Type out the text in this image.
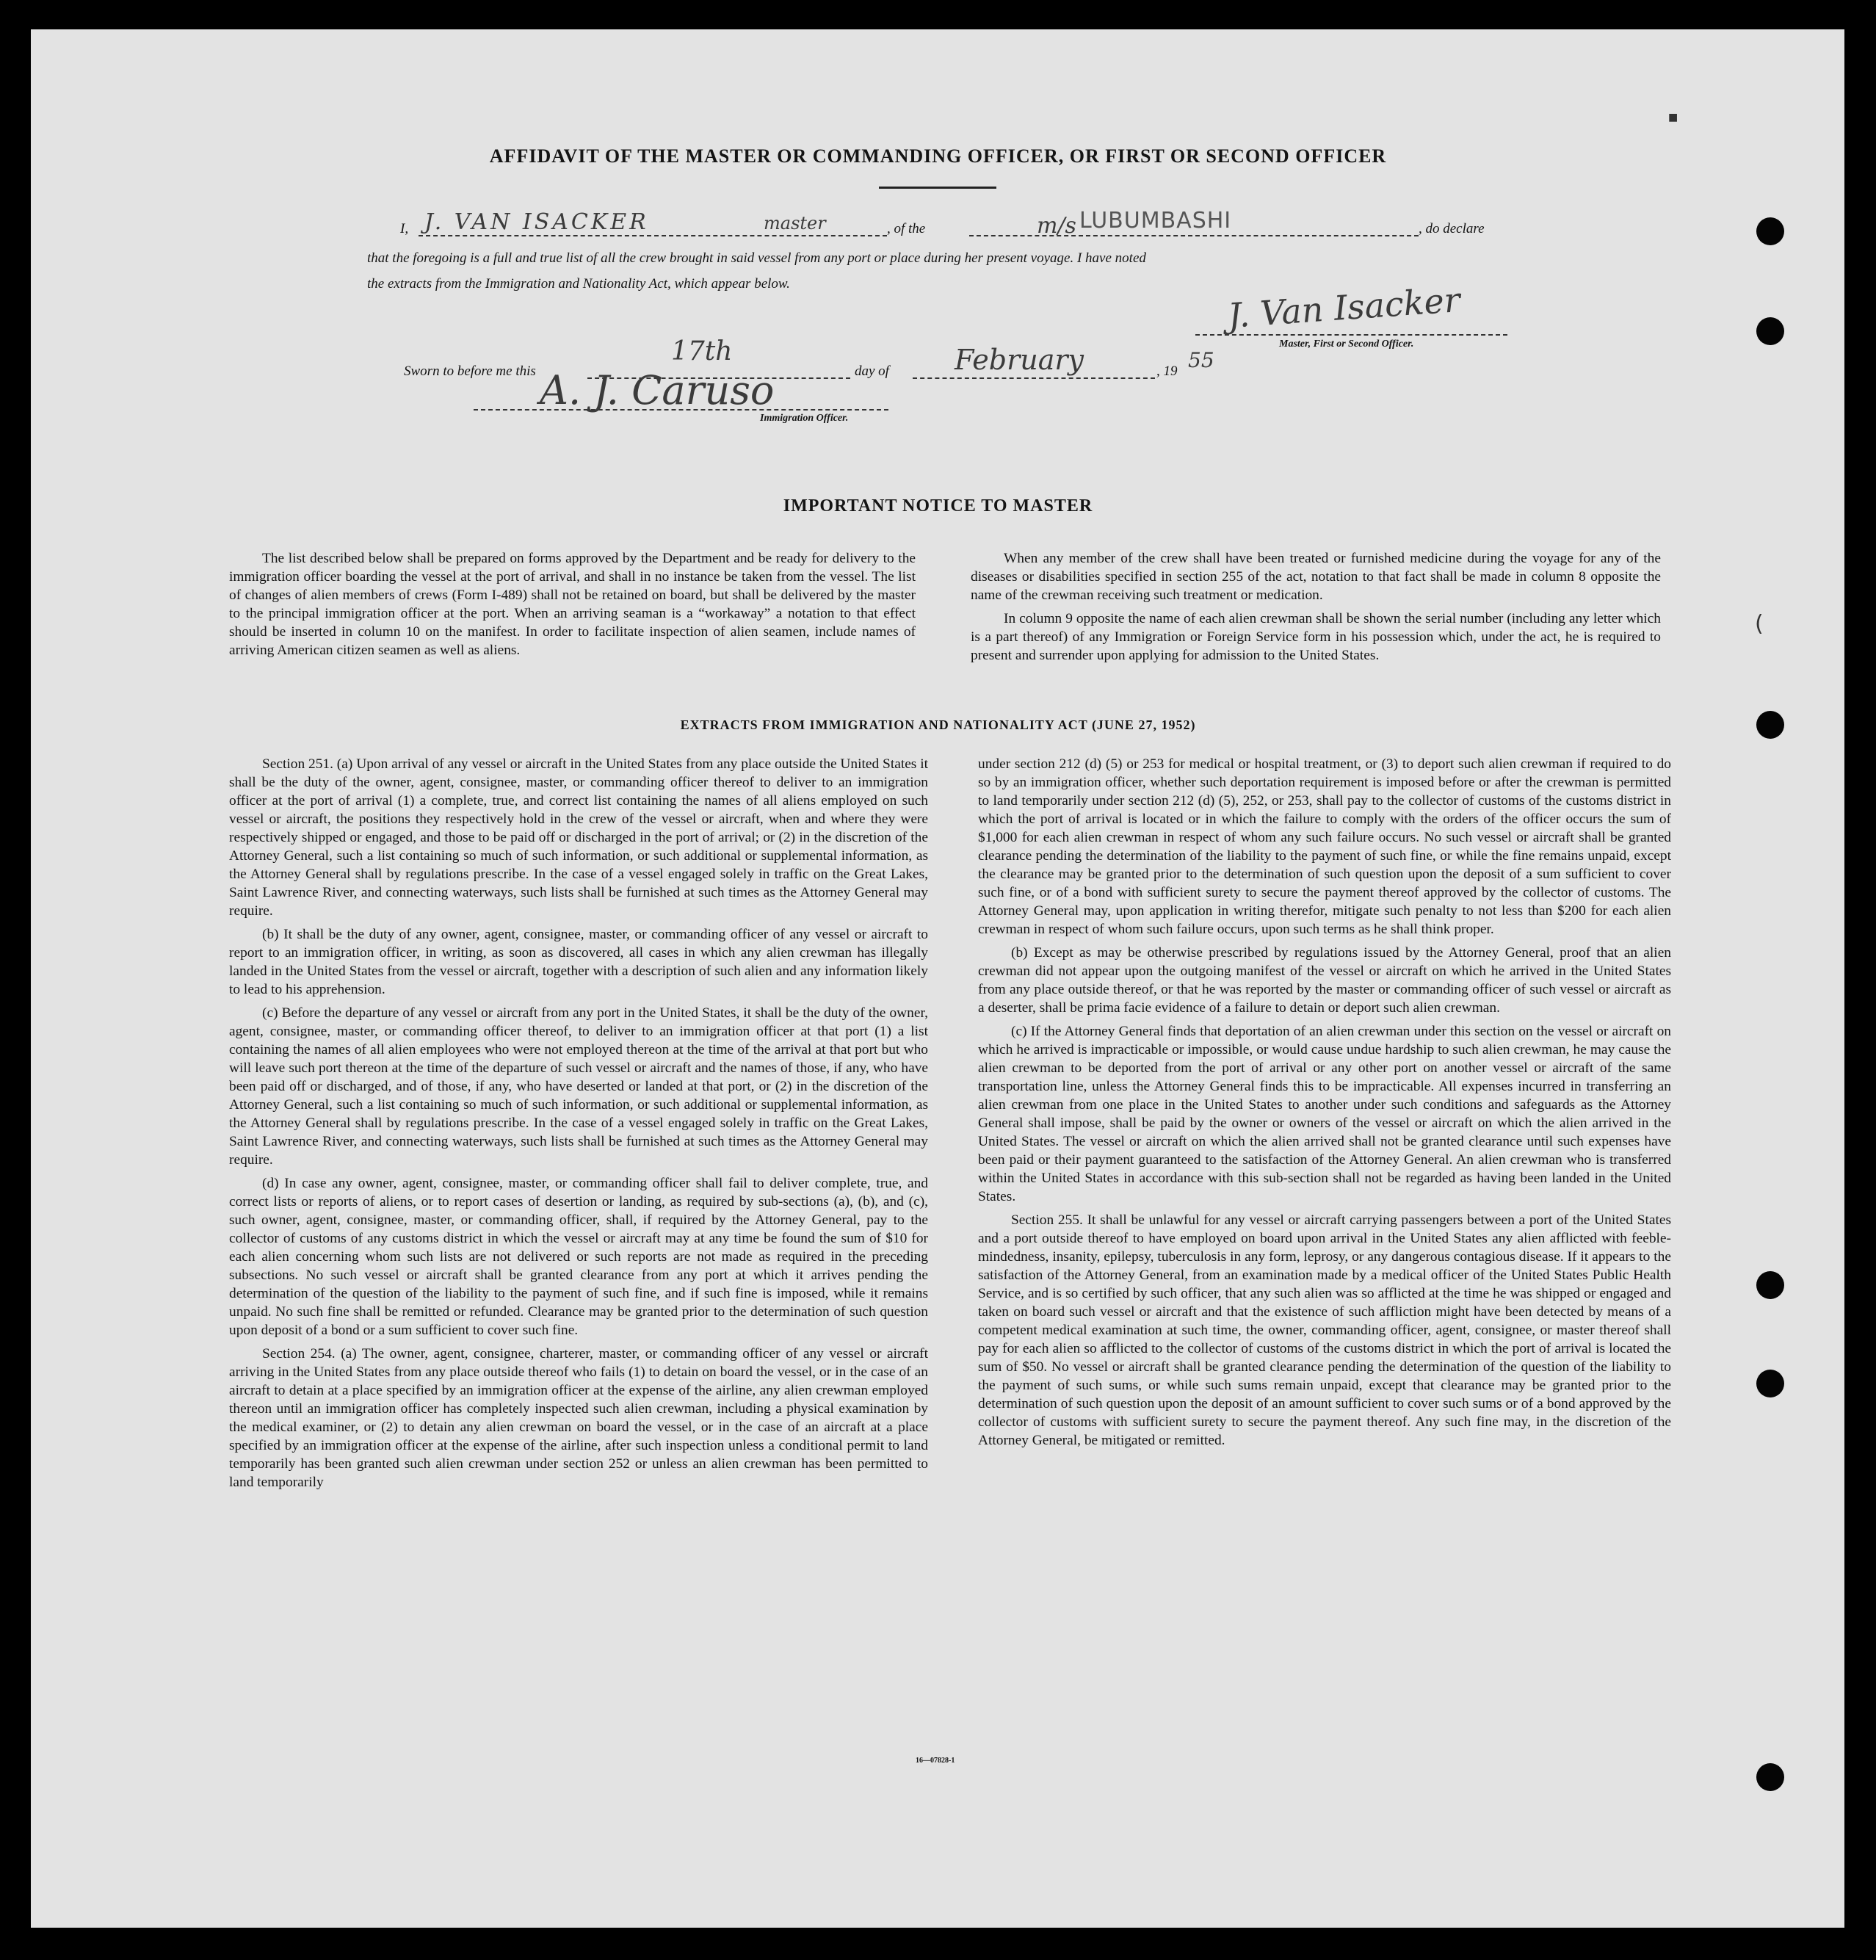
(
■
AFFIDAVIT OF THE MASTER OR COMMANDING OFFICER, OR FIRST OR SECOND OFFICER
I,	, of the	, do declare
J. VAN ISACKER	master	m/s LUBUMBASHI
that the foregoing is a full and true list of all the crew brought in said vessel from any port or place during her present voyage. I have noted
the extracts from the Immigration and Nationality Act, which appear below.	J. Van Isacker
Master, First or Second Officer.
Sworn to before me this	day of	, 19
17th	February	55
A. J. Caruso
Immigration Officer.
IMPORTANT NOTICE TO MASTER

The list described below shall be prepared on forms approved by the Department and be ready for delivery to the immigration officer boarding the vessel at the port of arrival, and shall in no instance be taken from the vessel. The list of changes of alien members of crews (Form I-489) shall not be retained on board, but shall be delivered by the master to the principal immigration officer at the port. When an arriving seaman is a “workaway” a notation to that effect should be inserted in column 10 on the manifest. In order to facilitate inspection of alien seamen, include names of arriving American citizen seamen as well as aliens.

When any member of the crew shall have been treated or furnished medicine during the voyage for any of the diseases or disabilities specified in section 255 of the act, notation to that fact shall be made in column 8 opposite the name of the crewman receiving such treatment or medication.

In column 9 opposite the name of each alien crewman shall be shown the serial number (including any letter which is a part thereof) of any Immigration or Foreign Service form in his possession which, under the act, he is required to present and surrender upon applying for admission to the United States.

EXTRACTS FROM IMMIGRATION AND NATIONALITY ACT (JUNE 27, 1952)

Section 251. (a) Upon arrival of any vessel or aircraft in the United States from any place outside the United States it shall be the duty of the owner, agent, consignee, master, or commanding officer thereof to deliver to an immigration officer at the port of arrival (1) a complete, true, and correct list containing the names of all aliens employed on such vessel or aircraft, the positions they respectively hold in the crew of the vessel or aircraft, when and where they were respectively shipped or engaged, and those to be paid off or discharged in the port of arrival; or (2) in the discretion of the Attorney General, such a list containing so much of such information, or such additional or supplemental information, as the Attorney General shall by regulations prescribe. In the case of a vessel engaged solely in traffic on the Great Lakes, Saint Lawrence River, and connecting waterways, such lists shall be furnished at such times as the Attorney General may require.

(b) It shall be the duty of any owner, agent, consignee, master, or commanding officer of any vessel or aircraft to report to an immigration officer, in writing, as soon as discovered, all cases in which any alien crewman has illegally landed in the United States from the vessel or aircraft, together with a description of such alien and any information likely to lead to his apprehension.

(c) Before the departure of any vessel or aircraft from any port in the United States, it shall be the duty of the owner, agent, consignee, master, or commanding officer thereof, to deliver to an immigration officer at that port (1) a list containing the names of all alien employees who were not employed thereon at the time of the arrival at that port but who will leave such port thereon at the time of the departure of such vessel or aircraft and the names of those, if any, who have been paid off or discharged, and of those, if any, who have deserted or landed at that port, or (2) in the discretion of the Attorney General, such a list containing so much of such information, or such additional or supplemental information, as the Attorney General shall by regulations prescribe. In the case of a vessel engaged solely in traffic on the Great Lakes, Saint Lawrence River, and connecting waterways, such lists shall be furnished at such times as the Attorney General may require.

(d) In case any owner, agent, consignee, master, or commanding officer shall fail to deliver complete, true, and correct lists or reports of aliens, or to report cases of desertion or landing, as required by sub-sections (a), (b), and (c), such owner, agent, consignee, master, or commanding officer, shall, if required by the Attorney General, pay to the collector of customs of any customs district in which the vessel or aircraft may at any time be found the sum of $10 for each alien concerning whom such lists are not delivered or such reports are not made as required in the preceding subsections. No such vessel or aircraft shall be granted clearance from any port at which it arrives pending the determination of the question of the liability to the payment of such fine, and if such fine is imposed, while it remains unpaid. No such fine shall be remitted or refunded. Clearance may be granted prior to the determination of such question upon deposit of a bond or a sum sufficient to cover such fine.

Section 254. (a) The owner, agent, consignee, charterer, master, or commanding officer of any vessel or aircraft arriving in the United States from any place outside thereof who fails (1) to detain on board the vessel, or in the case of an aircraft to detain at a place specified by an immigration officer at the expense of the airline, any alien crewman employed thereon until an immigration officer has completely inspected such alien crewman, including a physical examination by the medical examiner, or (2) to detain any alien crewman on board the vessel, or in the case of an aircraft at a place specified by an immigration officer at the expense of the airline, after such inspection unless a conditional permit to land temporarily has been granted such alien crewman under section 252 or unless an alien crewman has been permitted to land temporarily

under section 212 (d) (5) or 253 for medical or hospital treatment, or (3) to deport such alien crewman if required to do so by an immigration officer, whether such deportation requirement is imposed before or after the crewman is permitted to land temporarily under section 212 (d) (5), 252, or 253, shall pay to the collector of customs of the customs district in which the port of arrival is located or in which the failure to comply with the orders of the officer occurs the sum of $1,000 for each alien crewman in respect of whom any such failure occurs. No such vessel or aircraft shall be granted clearance pending the determination of the liability to the payment of such fine, or while the fine remains unpaid, except the clearance may be granted prior to the determination of such question upon the deposit of a sum sufficient to cover such fine, or of a bond with sufficient surety to secure the payment thereof approved by the collector of customs. The Attorney General may, upon application in writing therefor, mitigate such penalty to not less than $200 for each alien crewman in respect of whom such failure occurs, upon such terms as he shall think proper.

(b) Except as may be otherwise prescribed by regulations issued by the Attorney General, proof that an alien crewman did not appear upon the outgoing manifest of the vessel or aircraft on which he arrived in the United States from any place outside thereof, or that he was reported by the master or commanding officer of such vessel or aircraft as a deserter, shall be prima facie evidence of a failure to detain or deport such alien crewman.

(c) If the Attorney General finds that deportation of an alien crewman under this section on the vessel or aircraft on which he arrived is impracticable or impossible, or would cause undue hardship to such alien crewman, he may cause the alien crewman to be deported from the port of arrival or any other port on another vessel or aircraft of the same transportation line, unless the Attorney General finds this to be impracticable. All expenses incurred in transferring an alien crewman from one place in the United States to another under such conditions and safeguards as the Attorney General shall impose, shall be paid by the owner or owners of the vessel or aircraft on which the alien arrived in the United States. The vessel or aircraft on which the alien arrived shall not be granted clearance until such expenses have been paid or their payment guaranteed to the satisfaction of the Attorney General. An alien crewman who is transferred within the United States in accordance with this sub-section shall not be regarded as having been landed in the United States.

Section 255. It shall be unlawful for any vessel or aircraft carrying passengers between a port of the United States and a port outside thereof to have employed on board upon arrival in the United States any alien afflicted with feeble-mindedness, insanity, epilepsy, tuberculosis in any form, leprosy, or any dangerous contagious disease. If it appears to the satisfaction of the Attorney General, from an examination made by a medical officer of the United States Public Health Service, and is so certified by such officer, that any such alien was so afflicted at the time he was shipped or engaged and taken on board such vessel or aircraft and that the existence of such affliction might have been detected by means of a competent medical examination at such time, the owner, commanding officer, agent, consignee, or master thereof shall pay for each alien so afflicted to the collector of customs of the customs district in which the port of arrival is located the sum of $50. No vessel or aircraft shall be granted clearance pending the determination of the question of the liability to the payment of such sums, or while such sums remain unpaid, except that clearance may be granted prior to the determination of such question upon the deposit of an amount sufficient to cover such sums or of a bond approved by the collector of customs with sufficient surety to secure the payment thereof. Any such fine may, in the discretion of the Attorney General, be mitigated or remitted.

16—07828-1
